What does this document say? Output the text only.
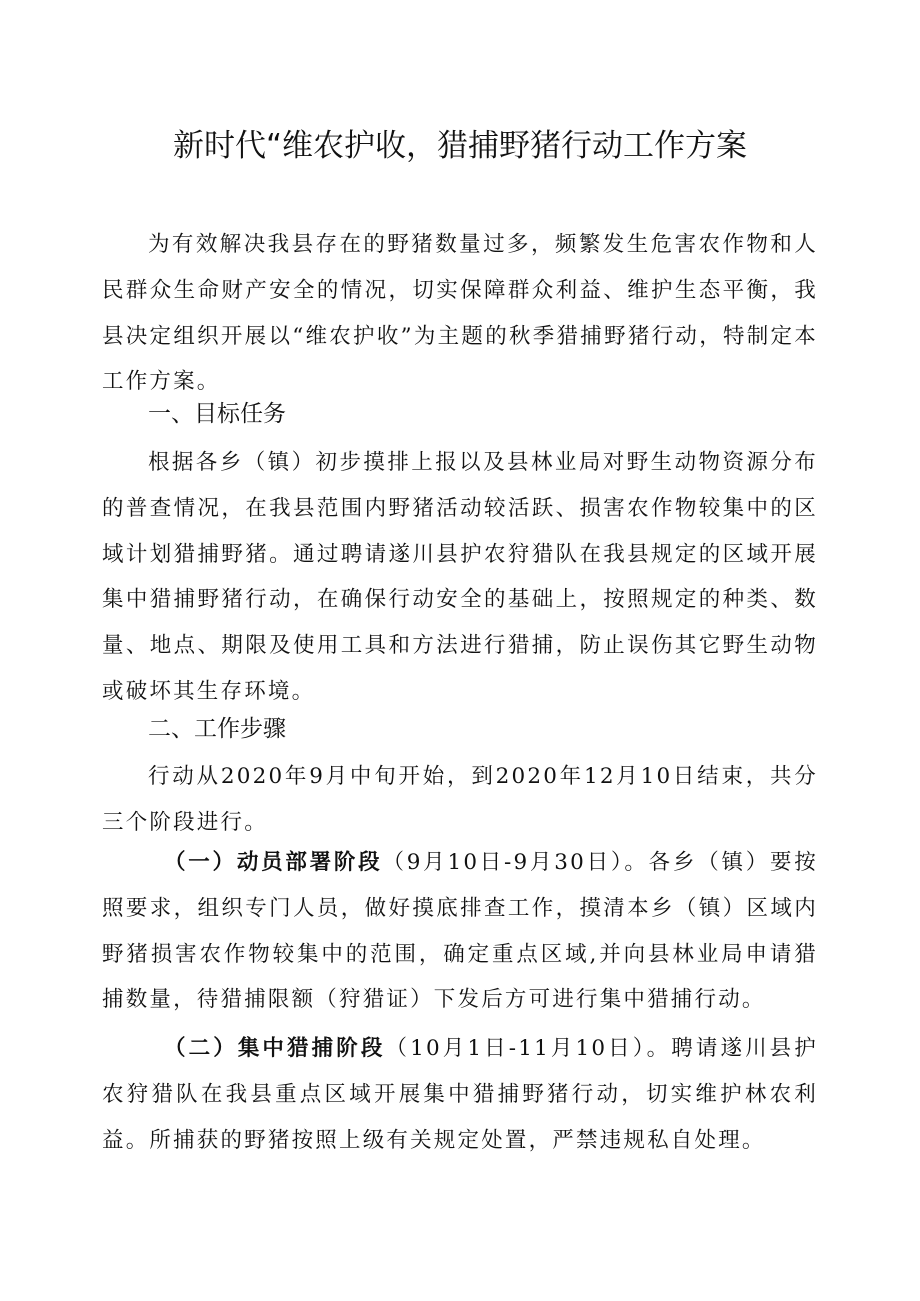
新时代“维农护收，猎捕野猪行动工作方案

为有效解决我县存在的野猪数量过多，频繁发生危害农作物和人民群众生命财产安全的情况，切实保障群众利益、维护生态平衡，我县决定组织开展以“维农护收”为主题的秋季猎捕野猪行动，特制定本工作方案。

一、目标任务

根据各乡（镇）初步摸排上报以及县林业局对野生动物资源分布的普查情况，在我县范围内野猪活动较活跃、损害农作物较集中的区域计划猎捕野猪。通过聘请遂川县护农狩猎队在我县规定的区域开展集中猎捕野猪行动，在确保行动安全的基础上，按照规定的种类、数量、地点、期限及使用工具和方法进行猎捕，防止误伤其它野生动物或破坏其生存环境。

二、工作步骤

行动从2020年9月中旬开始，到2020年12月10日结束，共分三个阶段进行。

（一）动员部署阶段（9月10日-9月30日）。各乡（镇）要按照要求，组织专门人员，做好摸底排查工作，摸清本乡（镇）区域内野猪损害农作物较集中的范围，确定重点区域,并向县林业局申请猎捕数量，待猎捕限额（狩猎证）下发后方可进行集中猎捕行动。

（二）集中猎捕阶段（10月1日-11月10日）。聘请遂川县护农狩猎队在我县重点区域开展集中猎捕野猪行动，切实维护林农利益。所捕获的野猪按照上级有关规定处置，严禁违规私自处理。
